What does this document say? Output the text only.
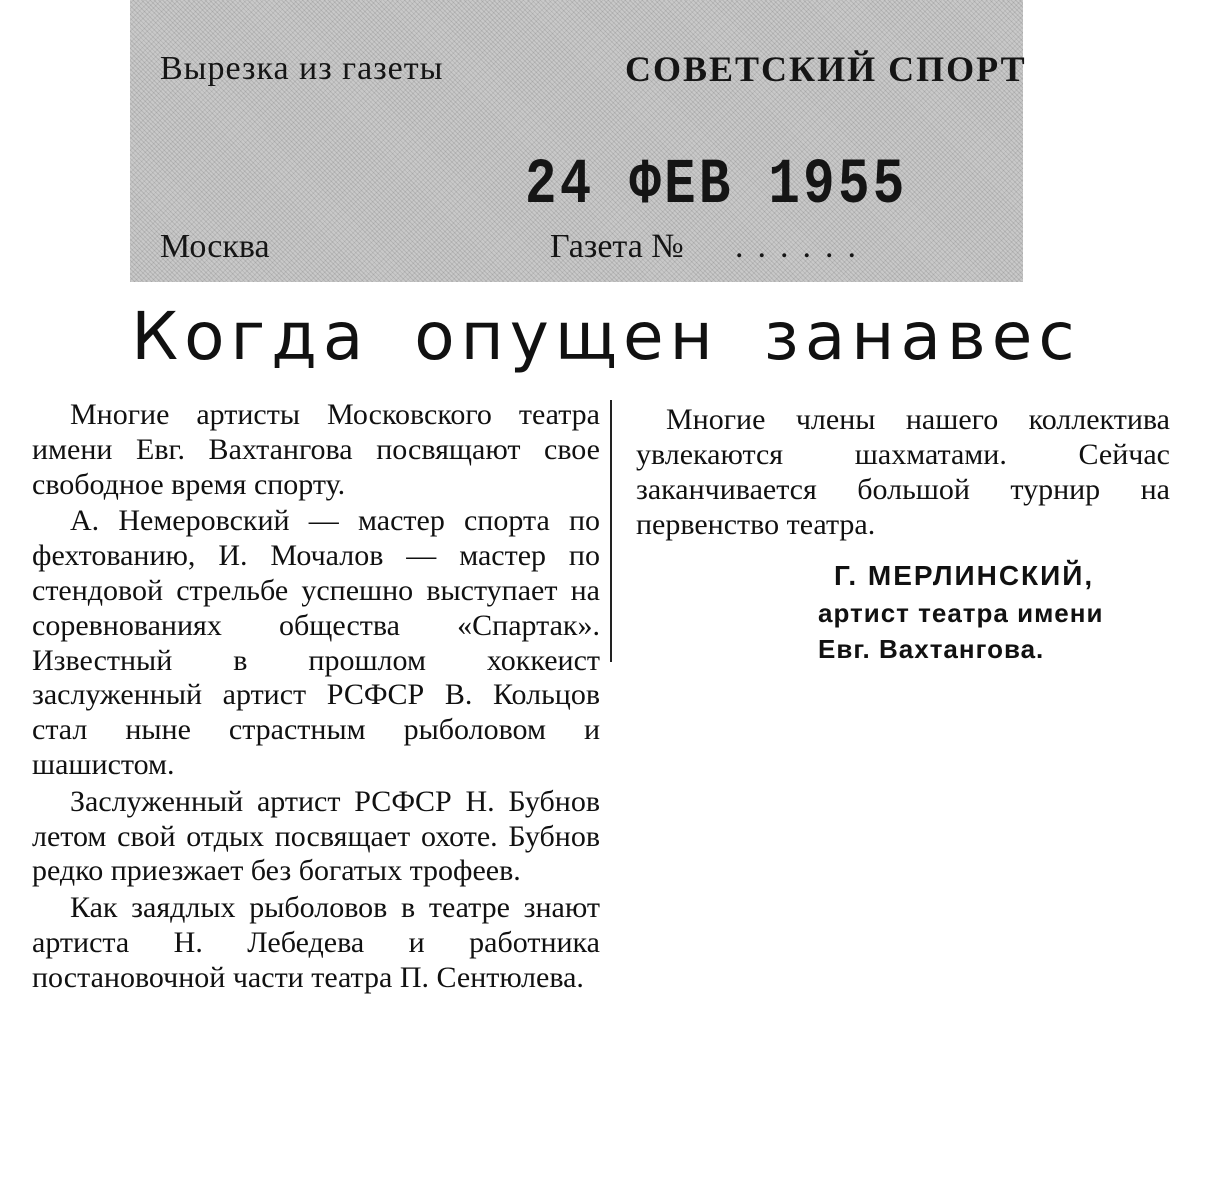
Вырезка из газеты	СОВЕТСКИЙ СПОРТ
24 ФЕВ 1955
Москва	Газета № ......
Когда опущен занавес

Многие артисты Московского театра имени Евг. Вахтангова посвящают свое свободное время спорту.

А. Немеровский — мастер спорта по фехтованию, И. Мочалов — мастер по стендовой стрельбе успешно выступает на соревнованиях общества «Спартак». Известный в прошлом хоккеист заслуженный артист РСФСР В. Кольцов стал ныне страстным рыболовом и шашистом.

Заслуженный артист РСФСР Н. Бубнов летом свой отдых посвящает охоте. Бубнов редко приезжает без богатых трофеев.

Как заядлых рыболовов в театре знают артиста Н. Лебедева и работника постановочной части театра П. Сентюлева.

Многие члены нашего коллектива увлекаются шахматами. Сейчас заканчивается большой турнир на первенство театра.

Г. МЕРЛИНСКИЙ,
артист театра имени
Евг. Вахтангова.
